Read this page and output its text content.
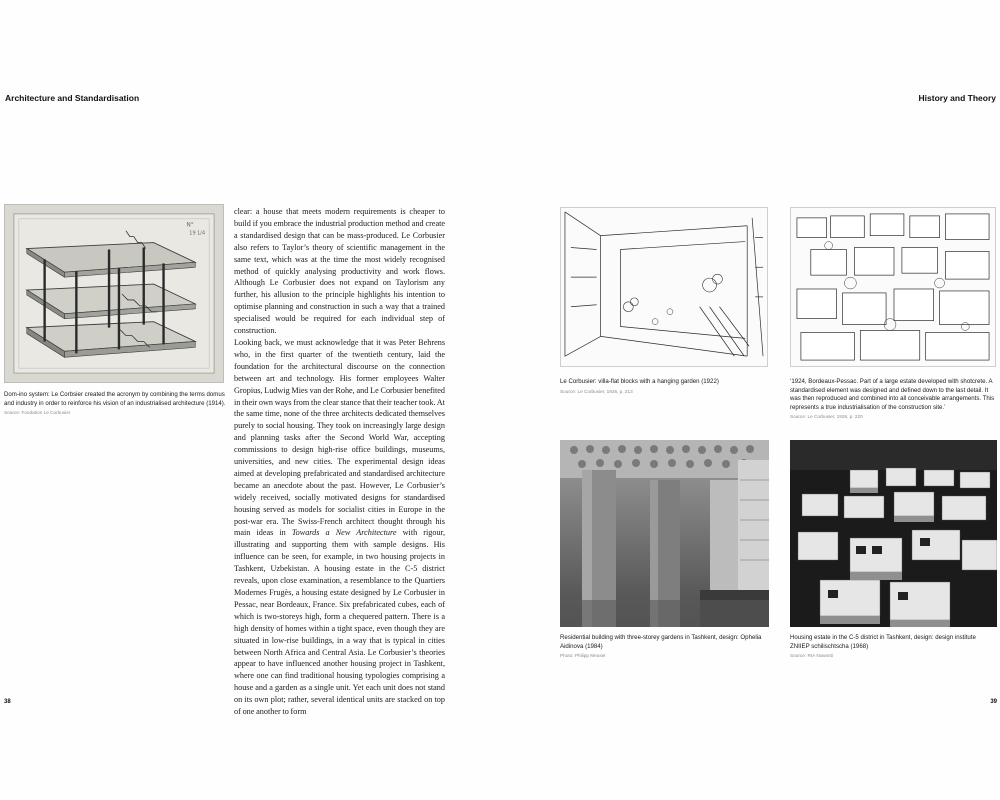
Architecture and Standardisation	History and Theory
N°
19 1/4
Dom-ino system: Le Corbsier created the acronym by combining the terms domus and industry in order to reinforce his vision of an industrialised architecture (1914).
Source: Fondation Le Corbusier

clear: a house that meets modern requirements is cheaper to build if you embrace the industrial production method and create a standardised design that can be mass-produced. Le Corbusier also refers to Taylor’s theory of scientific management in the same text, which was at the time the most widely recognised method of quickly analysing productivity and work flows. Although Le Corbusier does not expand on Taylorism any further, his allusion to the principle highlights his intention to optimise planning and construction in such a way that a trained specialised would be required for each individual step of construction.

Looking back, we must acknowledge that it was Peter Behrens who, in the first quarter of the twentieth century, laid the foundation for the architectural discourse on the connection between art and technology. His former employees Walter Gropius, Ludwig Mies van der Rohe, and Le Corbusier benefited in their own ways from the clear stance that their teacher took. At the same time, none of the three architects dedicated themselves purely to social housing. They took on increasingly large design and planning tasks after the Second World War, accepting commissions to design high-rise office buildings, museums, universities, and new cities. The experimental design ideas aimed at developing prefabricated and standardised architecture became an anecdote about the past. However, Le Corbusier’s widely received, socially motivated designs for standardised housing served as models for socialist cities in Europe in the post-war era. The Swiss-French architect thought through his main ideas in Towards a New Architecture with rigour, illustrating and supporting them with sample designs. His influence can be seen, for example, in two housing projects in Tashkent, Uzbekistan. A housing estate in the C-5 district reveals, upon close examination, a resemblance to the Quartiers Modernes Frugès, a housing estate designed by Le Corbusier in Pessac, near Bordeaux, France. Six prefabricated cubes, each of which is two-storeys high, form a chequered pattern. There is a high density of homes within a tight space, even though they are situated in low-rise buildings, in a way that is typical in cities between North Africa and Central Asia. Le Corbusier’s theories appear to have influenced another housing project in Tashkent, where one can find traditional housing typologies comprising a house and a garden as a single unit. Yet each unit does not stand on its own plot; rather, several identical units are stacked on top of one another to form

Le Corbusier: villa-flat blocks with a hanging garden (1922)
Source: Le Corbusier, 1926, p. 213
‘1924, Bordeaux-Pessac. Part of a large estate developed with shotcrete. A standardised element was designed and defined down to the last detail. It was then reproduced and combined into all conceivable arrangements. This represents a true industrialisation of the construction site.’
Source: Le Corbusier, 1926, p. 220
Residential building with three-storey gardens in Tashkent, design: Ophelia Aidinova (1984)
Photo: Philipp Meuser
Housing estate in the C-5 district in Tashkent, design: design institute ZNIIEP schilischtscha (1968)
Source: RIA Nowosti
38	39
